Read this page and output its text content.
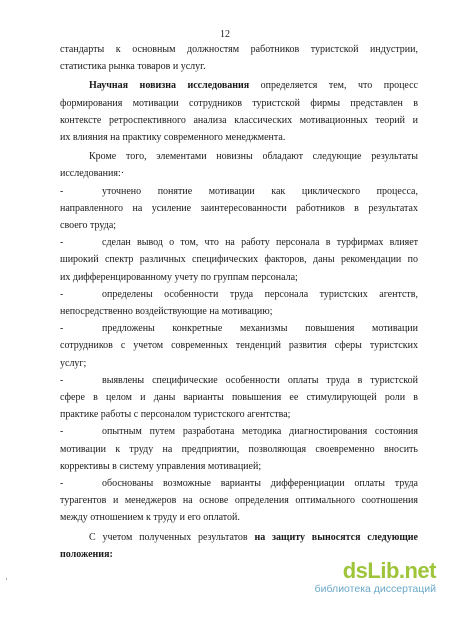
12
стандарты к основным должностям работников туристской индустрии,
статистика рынка товаров и услуг.
Научная новизна исследования определяется тем, что процесс
формирования мотивации сотрудников туристской фирмы представлен в
контексте ретроспективного анализа классических мотивационных теорий и
их влияния на практику современного менеджмента.
Кроме того, элементами новизны обладают следующие результаты
исследования:·
-	уточнено понятие мотивации как циклического процесса,
направленного на усиление заинтересованности работников в результатах
своего труда;
-	сделан вывод о том, что на работу персонала в турфирмах влияет
широкий спектр различных специфических факторов, даны рекомендации по
их дифференцированному учету по группам персонала;
-	определены особенности труда персонала туристских агентств,
непосредственно воздействующие на мотивацию;
-	предложены конкретные механизмы повышения мотивации
сотрудников с учетом современных тенденций развития сферы туристских
услуг;
-	выявлены специфические особенности оплаты труда в туристской
сфере в целом и даны варианты повышения ее стимулирующей роли в
практике работы с персоналом туристского агентства;
-	опытным путем разработана методика диагностирования состояния
мотивации к труду на предприятии, позволяющая своевременно вносить
коррективы в систему управления мотивацией;
-	обоснованы возможные варианты дифференциации оплаты труда
турагентов и менеджеров на основе определения оптимального соотношения
между отношением к труду и его оплатой.
С учетом полученных результатов на защиту выносятся следующие
положения:
dsLib.net
библиотека диссертаций
